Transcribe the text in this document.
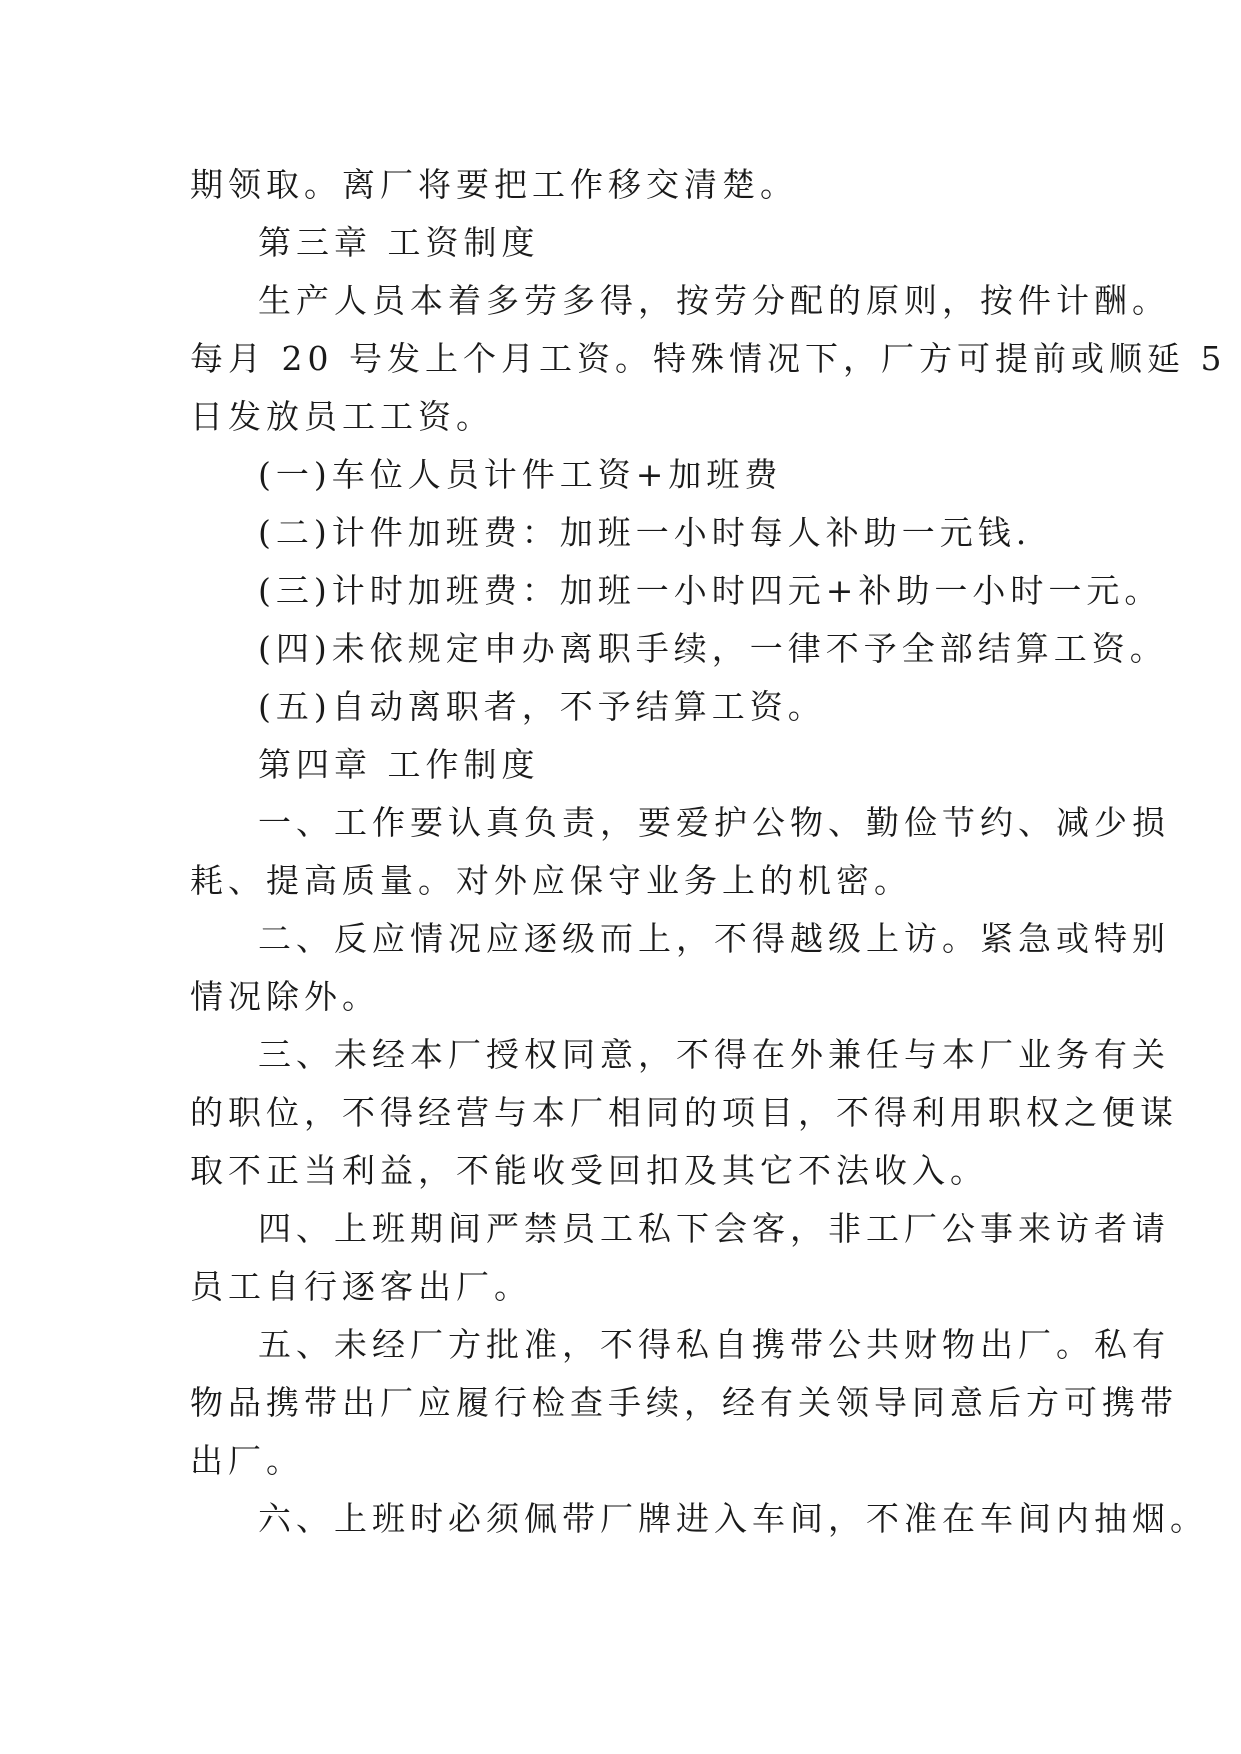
期领取。离厂将要把工作移交清楚。
第三章 工资制度
生产人员本着多劳多得，按劳分配的原则，按件计酬。
每月 20 号发上个月工资。特殊情况下，厂方可提前或顺延 5
日发放员工工资。
(一)车位人员计件工资+加班费
(二)计件加班费：加班一小时每人补助一元钱.
(三)计时加班费：加班一小时四元+补助一小时一元。
(四)未依规定申办离职手续，一律不予全部结算工资。
(五)自动离职者，不予结算工资。
第四章 工作制度
一、工作要认真负责，要爱护公物、勤俭节约、减少损
耗、提高质量。对外应保守业务上的机密。
二、反应情况应逐级而上，不得越级上访。紧急或特别
情况除外。
三、未经本厂授权同意，不得在外兼任与本厂业务有关
的职位，不得经营与本厂相同的项目，不得利用职权之便谋
取不正当利益，不能收受回扣及其它不法收入。
四、上班期间严禁员工私下会客，非工厂公事来访者请
员工自行逐客出厂。
五、未经厂方批准，不得私自携带公共财物出厂。私有
物品携带出厂应履行检查手续，经有关领导同意后方可携带
出厂。
六、上班时必须佩带厂牌进入车间，不准在车间内抽烟。
